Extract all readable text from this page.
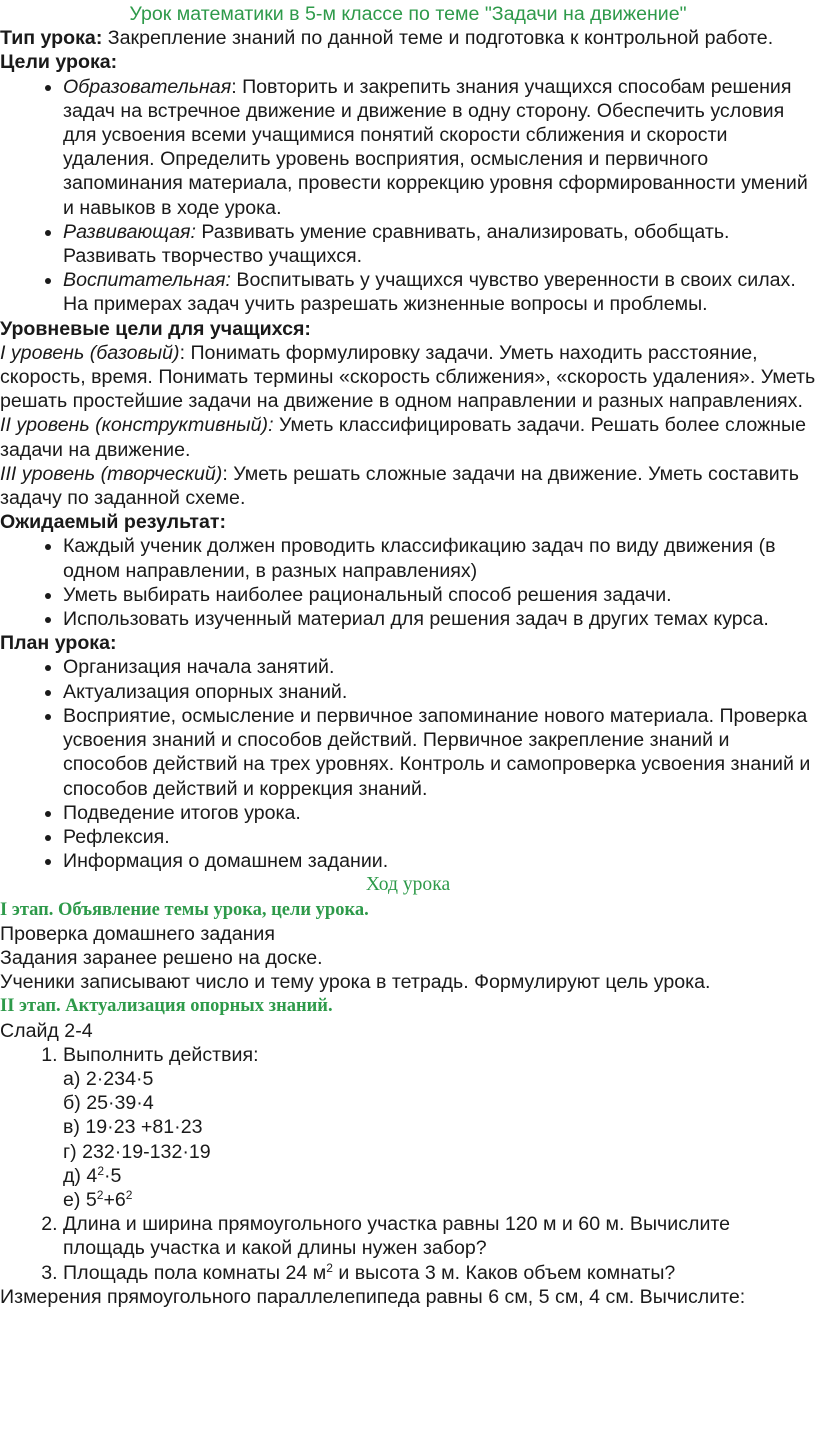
Урок математики в 5-м классе по теме "Задачи на движение"

Тип урока: Закрепление знаний по данной теме и подготовка к контрольной работе.

Цели урока:

• Образовательная: Повторить и закрепить знания учащихся способам решения задач на встречное движение и движение в одну сторону. Обеспечить условия для усвоения всеми учащимися понятий скорости сближения и скорости удаления. Определить уровень восприятия, осмысления и первичного запоминания материала, провести коррекцию уровня сформированности умений и навыков в ходе урока.
• Развивающая: Развивать умение сравнивать, анализировать, обобщать. Развивать творчество учащихся.
• Воспитательная: Воспитывать у учащихся чувство уверенности в своих силах. На примерах задач учить разрешать жизненные вопросы и проблемы.

Уровневые цели для учащихся:

I уровень (базовый): Понимать формулировку задачи. Уметь находить расстояние, скорость, время. Понимать термины «скорость сближения», «скорость удаления». Уметь решать простейшие задачи на движение в одном направлении и разных направлениях.

II уровень (конструктивный): Уметь классифицировать задачи. Решать более сложные задачи на движение.

III уровень (творческий): Уметь решать сложные задачи на движение. Уметь составить задачу по заданной схеме.

Ожидаемый результат:

• Каждый ученик должен проводить классификацию задач по виду движения (в одном направлении, в разных направлениях)
• Уметь выбирать наиболее рациональный способ решения задачи.
• Использовать изученный материал для решения задач в других темах курса.

План урока:

• Организация начала занятий.
• Актуализация опорных знаний.
• Восприятие, осмысление и первичное запоминание нового материала. Проверка усвоения знаний и способов действий. Первичное закрепление знаний и способов действий на трех уровнях. Контроль и самопроверка усвоения знаний и способов действий и коррекция знаний.
• Подведение итогов урока.
• Рефлексия.
• Информация о домашнем задании.

Ход урока

I этап. Объявление темы урока, цели урока.

Проверка домашнего задания

Задания заранее решено на доске.

Ученики записывают число и тему урока в тетрадь. Формулируют цель урока.

II этап. Актуализация опорных знаний.

Слайд 2-4

1. Выполнить действия:
а) 2·234·5
б) 25·39·4
в) 19·23 +81·23
г) 232·19-132·19
д) $4^2\cdot 5$
е) $5^2+6^2$
2. Длина и ширина прямоугольного участка равны 120 м и 60 м. Вычислите площадь участка и какой длины нужен забор?
3. Площадь пола комнаты 24 $м^2$ и высота 3 м. Каков объем комнаты?

Измерения прямоугольного параллелепипеда равны 6 см, 5 см, 4 см. Вычислите:
